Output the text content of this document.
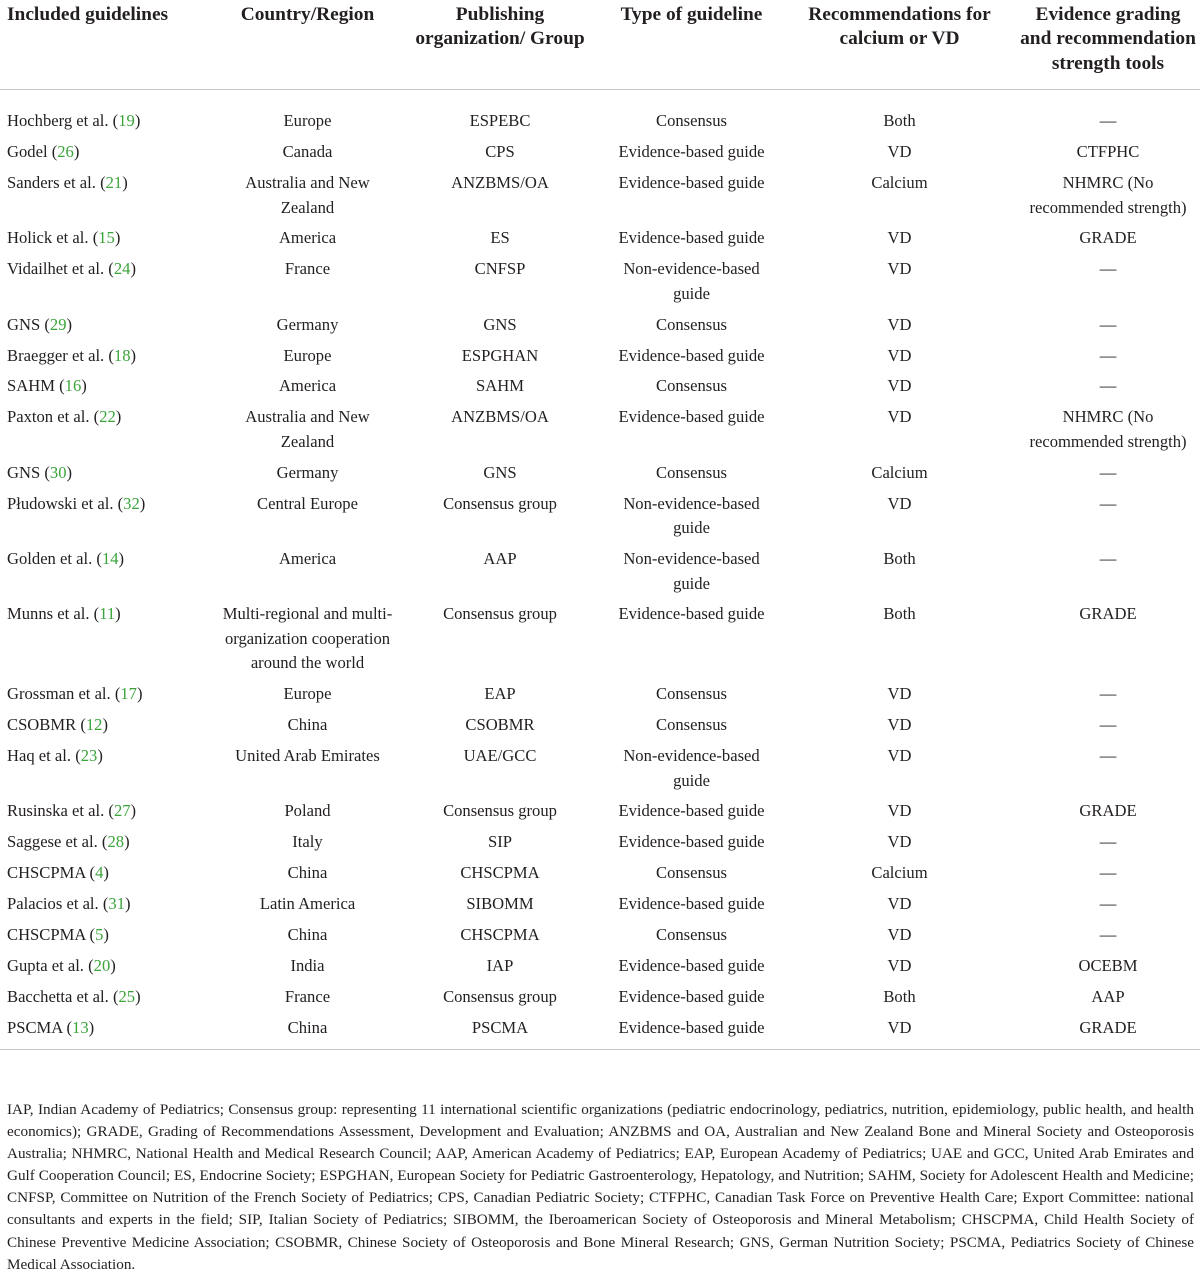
Included guidelines	Country/Region	Publishing organization/ Group	Type of guideline	Recommendations for calcium or VD	Evidence grading and recommendation strength tools

Hochberg et al. (19)	Europe	ESPEBC	Consensus	Both	—
Godel (26)	Canada	CPS	Evidence-based guide	VD	CTFPHC
Sanders et al. (21)	Australia and New Zealand	ANZBMS/OA	Evidence-based guide	Calcium	NHMRC (No recommended strength)
Holick et al. (15)	America	ES	Evidence-based guide	VD	GRADE
Vidailhet et al. (24)	France	CNFSP	Non-evidence-based guide	VD	—
GNS (29)	Germany	GNS	Consensus	VD	—
Braegger et al. (18)	Europe	ESPGHAN	Evidence-based guide	VD	—
SAHM (16)	America	SAHM	Consensus	VD	—
Paxton et al. (22)	Australia and New Zealand	ANZBMS/OA	Evidence-based guide	VD	NHMRC (No recommended strength)
GNS (30)	Germany	GNS	Consensus	Calcium	—
Płudowski et al. (32)	Central Europe	Consensus group	Non-evidence-based guide	VD	—
Golden et al. (14)	America	AAP	Non-evidence-based guide	Both	—
Munns et al. (11)	Multi-regional and multi-organization cooperation around the world	Consensus group	Evidence-based guide	Both	GRADE
Grossman et al. (17)	Europe	EAP	Consensus	VD	—
CSOBMR (12)	China	CSOBMR	Consensus	VD	—
Haq et al. (23)	United Arab Emirates	UAE/GCC	Non-evidence-based guide	VD	—
Rusinska et al. (27)	Poland	Consensus group	Evidence-based guide	VD	GRADE
Saggese et al. (28)	Italy	SIP	Evidence-based guide	VD	—
CHSCPMA (4)	China	CHSCPMA	Consensus	Calcium	—
Palacios et al. (31)	Latin America	SIBOMM	Evidence-based guide	VD	—
CHSCPMA (5)	China	CHSCPMA	Consensus	VD	—
Gupta et al. (20)	India	IAP	Evidence-based guide	VD	OCEBM
Bacchetta et al. (25)	France	Consensus group	Evidence-based guide	Both	AAP
PSCMA (13)	China	PSCMA	Evidence-based guide	VD	GRADE
IAP, Indian Academy of Pediatrics; Consensus group: representing 11 international scientific organizations (pediatric endocrinology, pediatrics, nutrition, epidemiology, public health, and health economics); GRADE, Grading of Recommendations Assessment, Development and Evaluation; ANZBMS and OA, Australian and New Zealand Bone and Mineral Society and Osteoporosis Australia; NHMRC, National Health and Medical Research Council; AAP, American Academy of Pediatrics; EAP, European Academy of Pediatrics; UAE and GCC, United Arab Emirates and Gulf Cooperation Council; ES, Endocrine Society; ESPGHAN, European Society for Pediatric Gastroenterology, Hepatology, and Nutrition; SAHM, Society for Adolescent Health and Medicine; CNFSP, Committee on Nutrition of the French Society of Pediatrics; CPS, Canadian Pediatric Society; CTFPHC, Canadian Task Force on Preventive Health Care; Export Committee: national consultants and experts in the field; SIP, Italian Society of Pediatrics; SIBOMM, the Iberoamerican Society of Osteoporosis and Mineral Metabolism; CHSCPMA, Child Health Society of Chinese Preventive Medicine Association; CSOBMR, Chinese Society of Osteoporosis and Bone Mineral Research; GNS, German Nutrition Society; PSCMA, Pediatrics Society of Chinese Medical Association.
